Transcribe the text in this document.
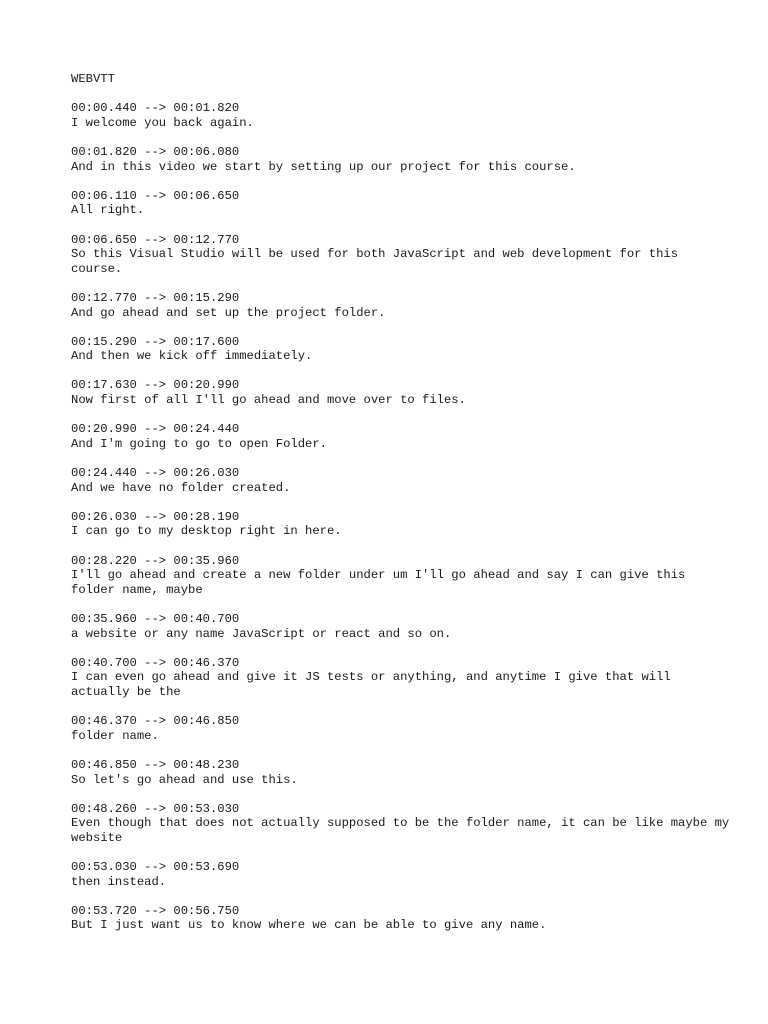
WEBVTT
00:00.440 --> 00:01.820
I welcome you back again.
00:01.820 --> 00:06.080
And in this video we start by setting up our project for this course.
00:06.110 --> 00:06.650
All right.
00:06.650 --> 00:12.770
So this Visual Studio will be used for both JavaScript and web development for this course.
00:12.770 --> 00:15.290
And go ahead and set up the project folder.
00:15.290 --> 00:17.600
And then we kick off immediately.
00:17.630 --> 00:20.990
Now first of all I'll go ahead and move over to files.
00:20.990 --> 00:24.440
And I'm going to go to open Folder.
00:24.440 --> 00:26.030
And we have no folder created.
00:26.030 --> 00:28.190
I can go to my desktop right in here.
00:28.220 --> 00:35.960
I'll go ahead and create a new folder under um I'll go ahead and say I can give this folder name, maybe
00:35.960 --> 00:40.700
a website or any name JavaScript or react and so on.
00:40.700 --> 00:46.370
I can even go ahead and give it JS tests or anything, and anytime I give that will actually be the
00:46.370 --> 00:46.850
folder name.
00:46.850 --> 00:48.230
So let's go ahead and use this.
00:48.260 --> 00:53.030
Even though that does not actually supposed to be the folder name, it can be like maybe my website
00:53.030 --> 00:53.690
then instead.
00:53.720 --> 00:56.750
But I just want us to know where we can be able to give any name.
